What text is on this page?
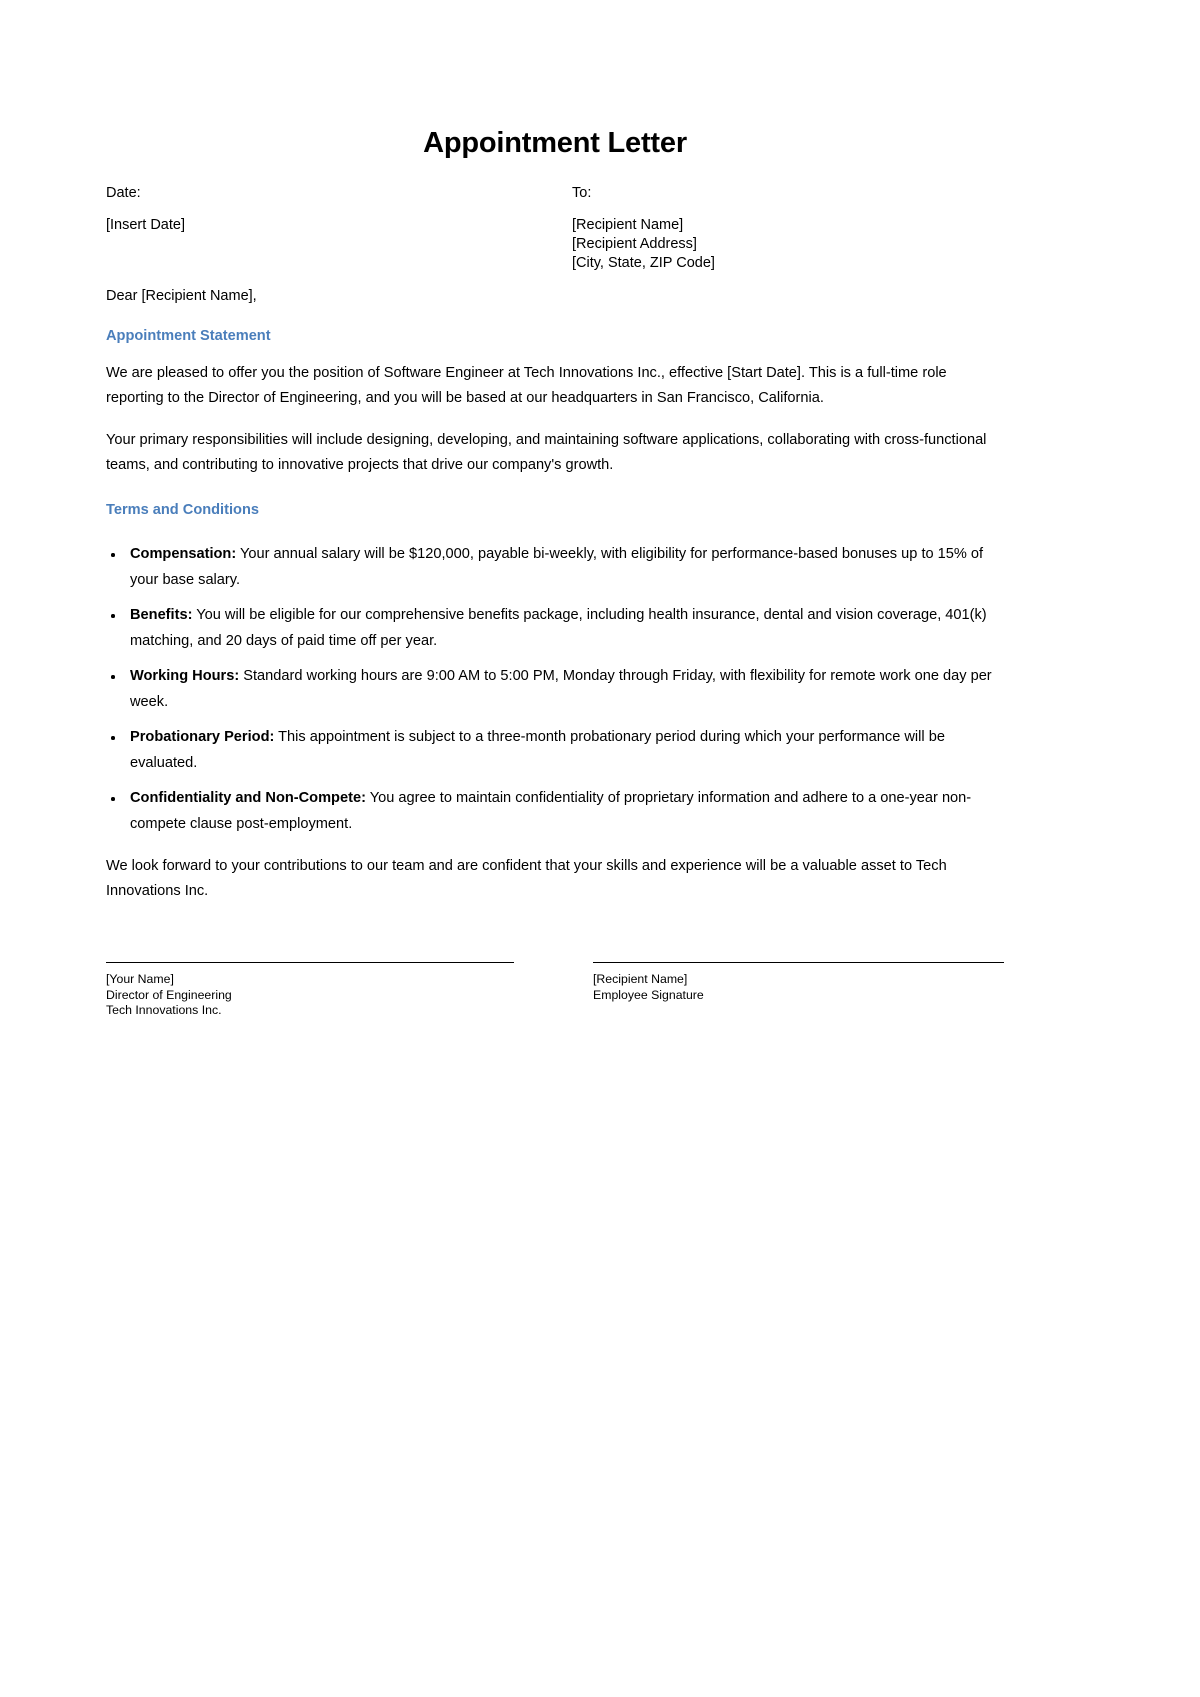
Appointment Letter
Date:
[Insert Date]
To:
[Recipient Name]
[Recipient Address]
[City, State, ZIP Code]

Dear [Recipient Name],

Appointment Statement

We are pleased to offer you the position of Software Engineer at Tech Innovations Inc., effective [Start Date]. This is a full-time role reporting to the Director of Engineering, and you will be based at our headquarters in San Francisco, California.

Your primary responsibilities will include designing, developing, and maintaining software applications, collaborating with cross-functional teams, and contributing to innovative projects that drive our company's growth.

Terms and Conditions
Compensation: Your annual salary will be $120,000, payable bi-weekly, with eligibility for performance-based bonuses up to 15% of your base salary.
Benefits: You will be eligible for our comprehensive benefits package, including health insurance, dental and vision coverage, 401(k) matching, and 20 days of paid time off per year.
Working Hours: Standard working hours are 9:00 AM to 5:00 PM, Monday through Friday, with flexibility for remote work one day per week.
Probationary Period: This appointment is subject to a three-month probationary period during which your performance will be evaluated.
Confidentiality and Non-Compete: You agree to maintain confidentiality of proprietary information and adhere to a one-year non-compete clause post-employment.

We look forward to your contributions to our team and are confident that your skills and experience will be a valuable asset to Tech Innovations Inc.

[Your Name]
Director of Engineering
Tech Innovations Inc.
[Recipient Name]
Employee Signature
